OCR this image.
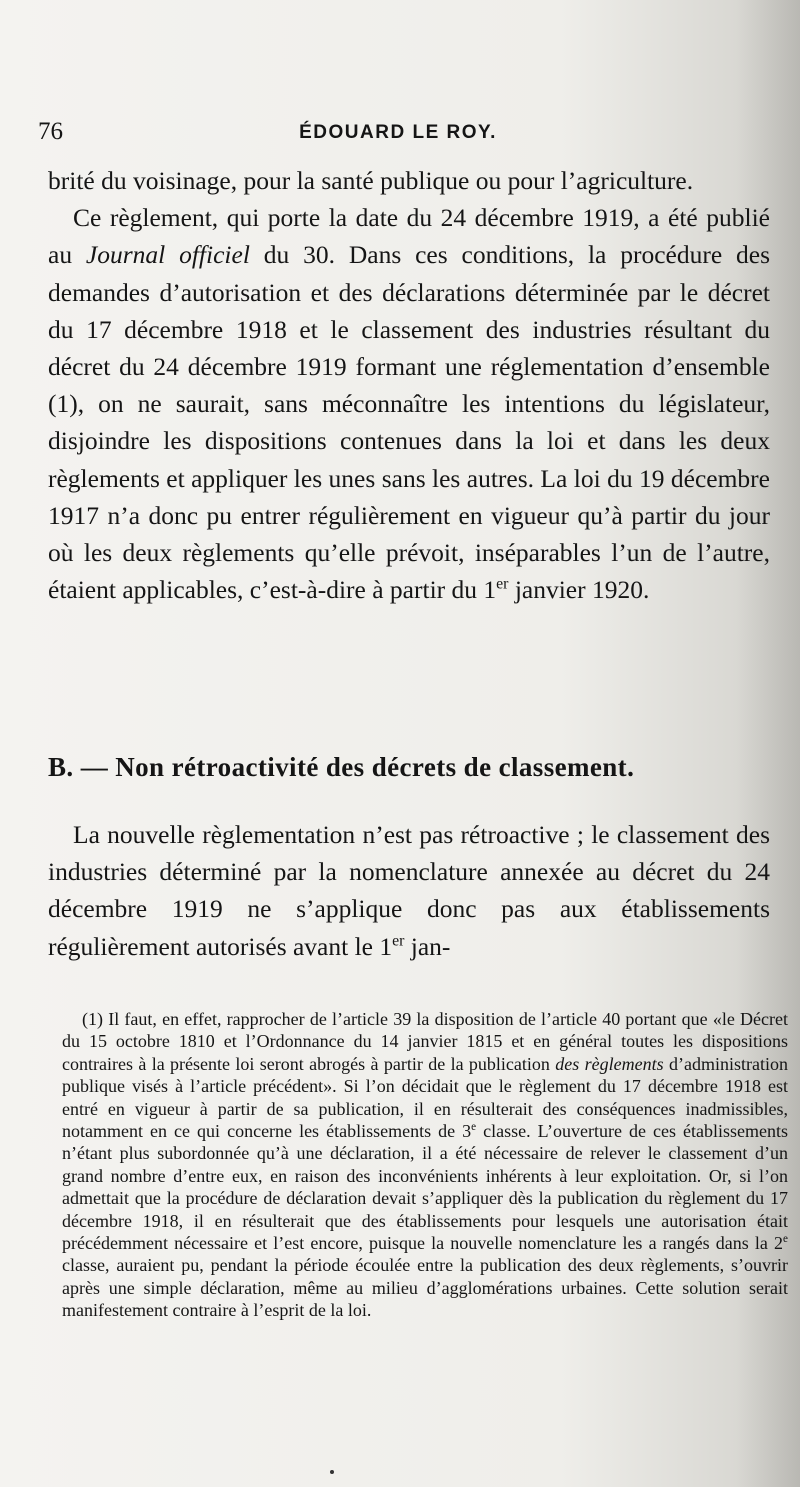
76	ÉDOUARD LE ROY.

brité du voisinage, pour la santé publique ou pour l’agriculture.

Ce règlement, qui porte la date du 24 décembre 1919, a été publié au Journal officiel du 30. Dans ces conditions, la procédure des demandes d’autorisation et des déclarations déterminée par le décret du 17 décembre 1918 et le classement des industries résultant du décret du 24 décembre 1919 formant une réglementation d’ensemble (1), on ne saurait, sans méconnaître les intentions du législateur, disjoindre les dispositions contenues dans la loi et dans les deux règlements et appliquer les unes sans les autres. La loi du 19 décembre 1917 n’a donc pu entrer régulièrement en vigueur qu’à partir du jour où les deux règlements qu’elle prévoit, inséparables l’un de l’autre, étaient applicables, c’est-à-dire à partir du 1er janvier 1920.

B. — Non rétroactivité des décrets de classement.

La nouvelle règlementation n’est pas rétroactive ; le classement des industries déterminé par la nomenclature annexée au décret du 24 décembre 1919 ne s’applique donc pas aux établissements régulièrement autorisés avant le 1er jan-

(1) Il faut, en effet, rapprocher de l’article 39 la disposition de l’article 40 portant que «le Décret du 15 octobre 1810 et l’Ordonnance du 14 janvier 1815 et en général toutes les dispositions contraires à la présente loi seront abrogés à partir de la publication des règlements d’administration publique visés à l’article précédent». Si l’on décidait que le règlement du 17 décembre 1918 est entré en vigueur à partir de sa publication, il en résulterait des conséquences inadmissibles, notamment en ce qui concerne les établissements de 3e classe. L’ouverture de ces établissements n’étant plus subordonnée qu’à une déclaration, il a été nécessaire de relever le classement d’un grand nombre d’entre eux, en raison des inconvénients inhérents à leur exploitation. Or, si l’on admettait que la procédure de déclaration devait s’appliquer dès la publication du règlement du 17 décembre 1918, il en résulterait que des établissements pour lesquels une autorisation était précédemment nécessaire et l’est encore, puisque la nouvelle nomenclature les a rangés dans la 2e classe, auraient pu, pendant la période écoulée entre la publication des deux règlements, s’ouvrir après une simple déclaration, même au milieu d’agglomérations urbaines. Cette solution serait manifestement contraire à l’esprit de la loi.
